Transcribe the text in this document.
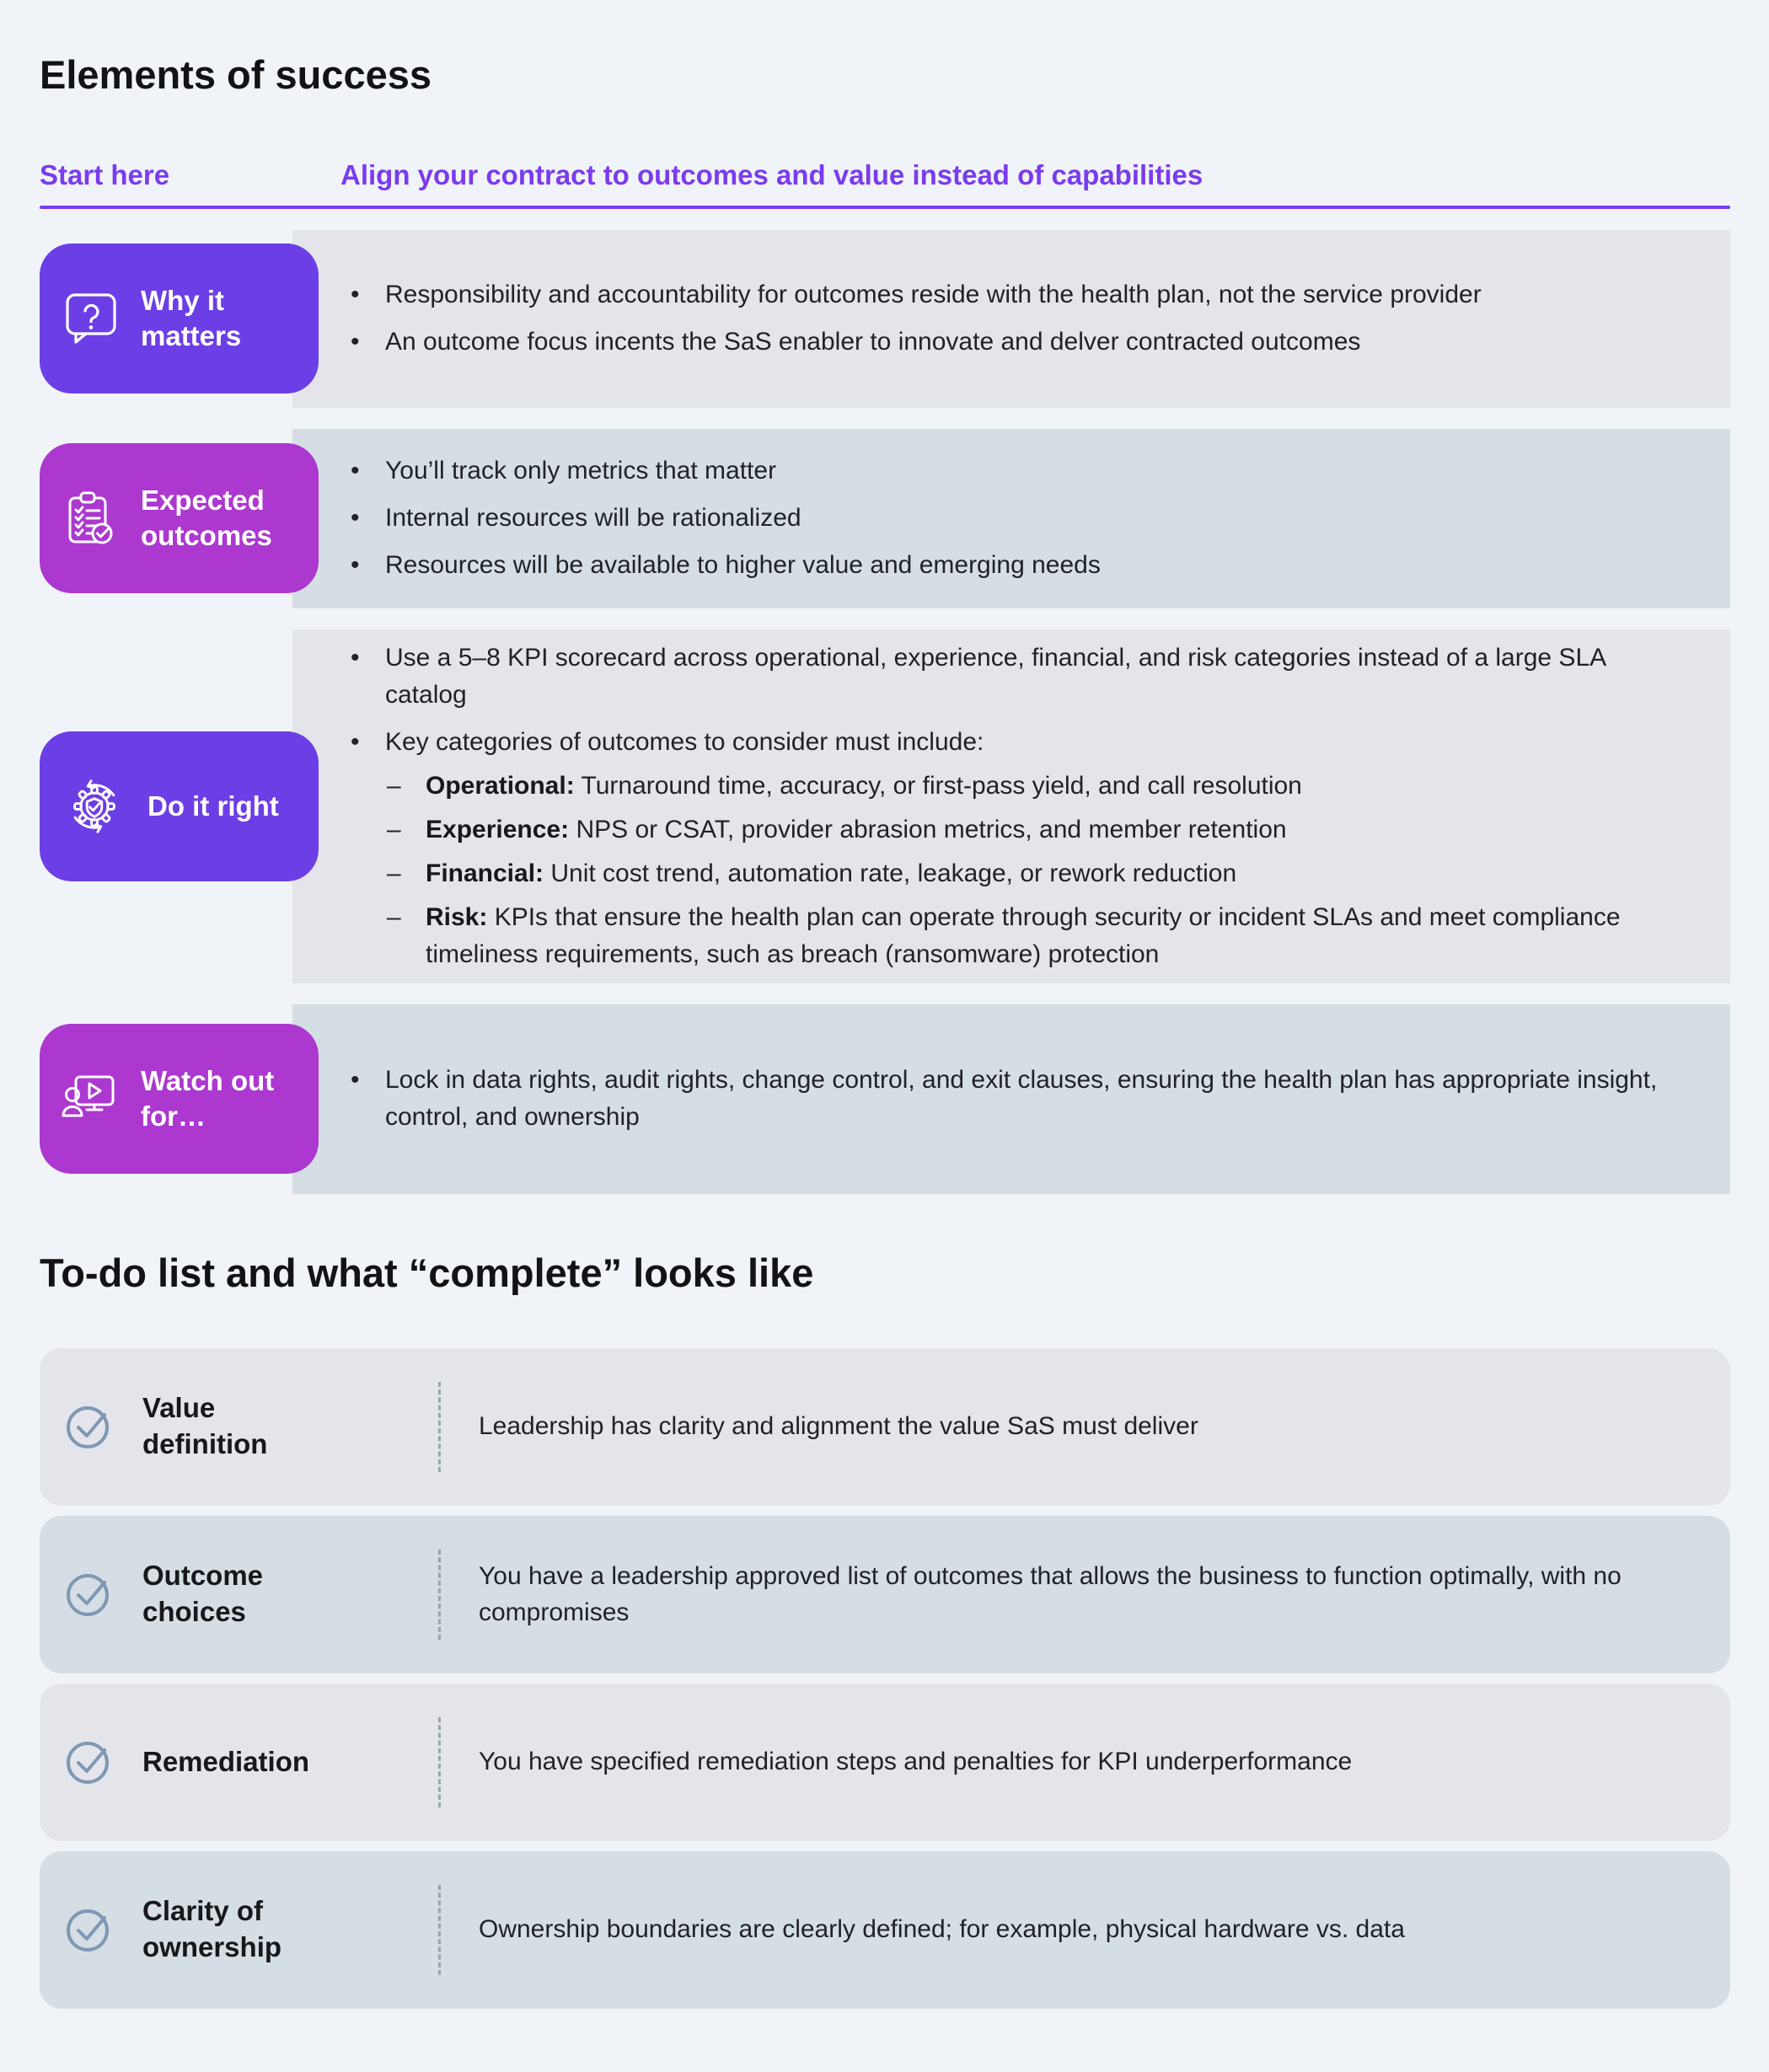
Elements of success
Start here	Align your contract to outcomes and value instead of capabilities
• Responsibility and accountability for outcomes reside with the health plan, not the service provider
• An outcome focus incents the SaS enabler to innovate and delver contracted outcomes
Why it matters
• You’ll track only metrics that matter
• Internal resources will be rationalized
• Resources will be available to higher value and emerging needs
Expected outcomes
• Use a 5–8 KPI scorecard across operational, experience, financial, and risk categories instead of a large SLA catalog
• Key categories of outcomes to consider must include:
– Operational: Turnaround time, accuracy, or first-pass yield, and call resolution
– Experience: NPS or CSAT, provider abrasion metrics, and member retention
– Financial: Unit cost trend, automation rate, leakage, or rework reduction
– Risk: KPIs that ensure the health plan can operate through security or incident SLAs and meet compliance timeliness requirements, such as breach (ransomware) protection
Do it right
• Lock in data rights, audit rights, change control, and exit clauses, ensuring the health plan has appropriate insight, control, and ownership
Watch out for…
To-do list and what “complete” looks like
Value definition
Leadership has clarity and alignment the value SaS must deliver
Outcome choices
You have a leadership approved list of outcomes that allows the business to function optimally, with no compromises
Remediation	You have specified remediation steps and penalties for KPI underperformance
Clarity of ownership
Ownership boundaries are clearly defined; for example, physical hardware vs. data
